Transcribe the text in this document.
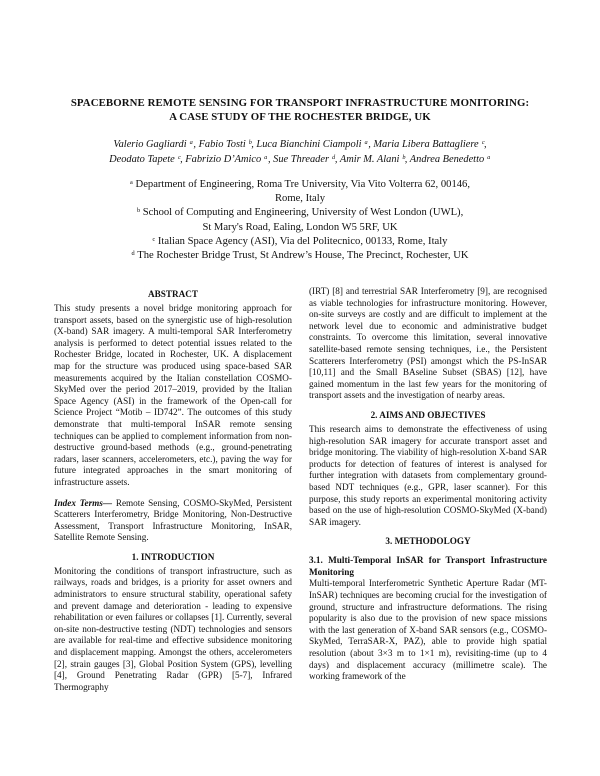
SPACEBORNE REMOTE SENSING FOR TRANSPORT INFRASTRUCTURE MONITORING:
A CASE STUDY OF THE ROCHESTER BRIDGE, UK
Valerio Gagliardi ᵃ, Fabio Tosti ᵇ, Luca Bianchini Ciampoli ᵃ, Maria Libera Battagliere ᶜ,
Deodato Tapete ᶜ, Fabrizio D’Amico ᵃ, Sue Threader ᵈ, Amir M. Alani ᵇ, Andrea Benedetto ᵃ
ᵃ Department of Engineering, Roma Tre University, Via Vito Volterra 62, 00146,
Rome, Italy
ᵇ School of Computing and Engineering, University of West London (UWL),
St Mary's Road, Ealing, London W5 5RF, UK
ᶜ Italian Space Agency (ASI), Via del Politecnico, 00133, Rome, Italy
ᵈ The Rochester Bridge Trust, St Andrew’s House, The Precinct, Rochester, UK
ABSTRACT

This study presents a novel bridge monitoring approach for transport assets, based on the synergistic use of high-resolution (X-band) SAR imagery. A multi-temporal SAR Interferometry analysis is performed to detect potential issues related to the Rochester Bridge, located in Rochester, UK. A displacement map for the structure was produced using space-based SAR measurements acquired by the Italian constellation COSMO-SkyMed over the period 2017–2019, provided by the Italian Space Agency (ASI) in the framework of the Open-call for Science Project “Motib – ID742”. The outcomes of this study demonstrate that multi-temporal InSAR remote sensing techniques can be applied to complement information from non-destructive ground-based methods (e.g., ground-penetrating radars, laser scanners, accelerometers, etc.), paving the way for future integrated approaches in the smart monitoring of infrastructure assets.

Index Terms— Remote Sensing, COSMO-SkyMed, Persistent Scatterers Interferometry, Bridge Monitoring, Non-Destructive Assessment, Transport Infrastructure Monitoring, InSAR, Satellite Remote Sensing.

1. INTRODUCTION

Monitoring the conditions of transport infrastructure, such as railways, roads and bridges, is a priority for asset owners and administrators to ensure structural stability, operational safety and prevent damage and deterioration - leading to expensive rehabilitation or even failures or collapses [1]. Currently, several on-site non-destructive testing (NDT) technologies and sensors are available for real-time and effective subsidence monitoring and displacement mapping. Amongst the others, accelerometers [2], strain gauges [3], Global Position System (GPS), levelling [4], Ground Penetrating Radar (GPR) [5-7], Infrared Thermography

(IRT) [8] and terrestrial SAR Interferometry [9], are recognised as viable technologies for infrastructure monitoring. However, on-site surveys are costly and are difficult to implement at the network level due to economic and administrative budget constraints. To overcome this limitation, several innovative satellite-based remote sensing techniques, i.e., the Persistent Scatterers Interferometry (PSI) amongst which the PS-InSAR [10,11] and the Small BAseline Subset (SBAS) [12], have gained momentum in the last few years for the monitoring of transport assets and the investigation of nearby areas.

2. AIMS AND OBJECTIVES

This research aims to demonstrate the effectiveness of using high-resolution SAR imagery for accurate transport asset and bridge monitoring. The viability of high-resolution X-band SAR products for detection of features of interest is analysed for further integration with datasets from complementary ground-based NDT techniques (e.g., GPR, laser scanner). For this purpose, this study reports an experimental monitoring activity based on the use of high-resolution COSMO-SkyMed (X-band) SAR imagery.

3. METHODOLOGY
3.1. Multi-Temporal InSAR for Transport Infrastructure Monitoring

Multi-temporal Interferometric Synthetic Aperture Radar (MT-InSAR) techniques are becoming crucial for the investigation of ground, structure and infrastructure deformations. The rising popularity is also due to the provision of new space missions with the last generation of X-band SAR sensors (e.g., COSMO-SkyMed, TerraSAR-X, PAZ), able to provide high spatial resolution (about 3×3 m to 1×1 m), revisiting-time (up to 4 days) and displacement accuracy (millimetre scale). The working framework of the
